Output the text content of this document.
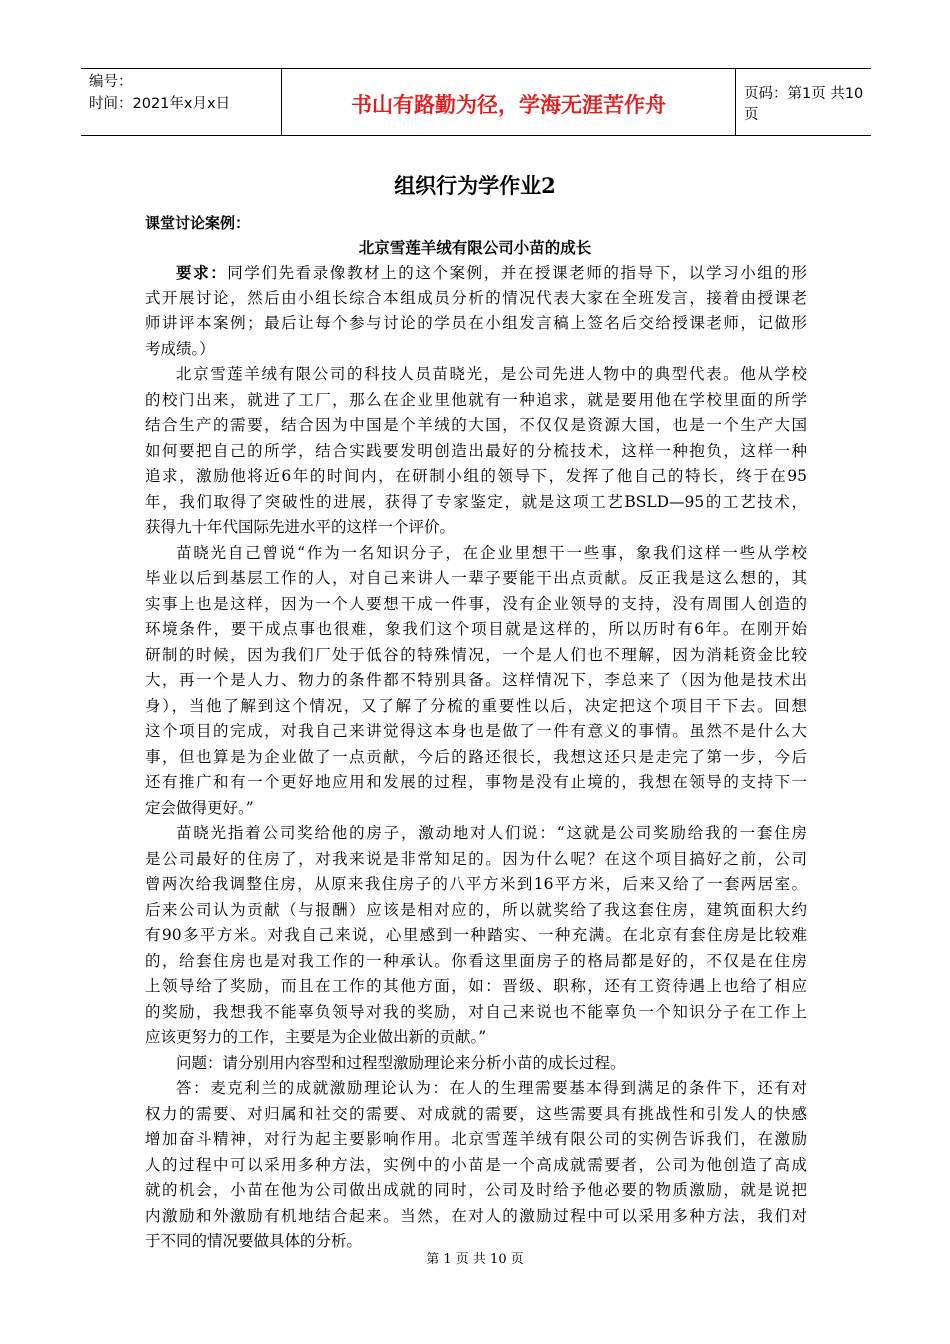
编号：
时间：2021年x月x日	书山有路勤为径，学海无涯苦作舟	页码：第1页 共10页
组织行为学作业2
课堂讨论案例：
北京雪莲羊绒有限公司小苗的成长
要求：同学们先看录像教材上的这个案例，并在授课老师的指导下，以学习小组的形
式开展讨论，然后由小组长综合本组成员分析的情况代表大家在全班发言，接着由授课老
师讲评本案例；最后让每个参与讨论的学员在小组发言稿上签名后交给授课老师，记做形
考成绩。）
北京雪莲羊绒有限公司的科技人员苗晓光，是公司先进人物中的典型代表。他从学校
的校门出来，就进了工厂，那么在企业里他就有一种追求，就是要用他在学校里面的所学
结合生产的需要，结合因为中国是个羊绒的大国，不仅仅是资源大国，也是一个生产大国
如何要把自己的所学，结合实践要发明创造出最好的分梳技术，这样一种抱负，这样一种
追求，激励他将近6年的时间内，在研制小组的领导下，发挥了他自己的特长，终于在95
年，我们取得了突破性的进展，获得了专家鉴定，就是这项工艺BSLD—95的工艺技术，
获得九十年代国际先进水平的这样一个评价。
苗晓光自己曾说“作为一名知识分子，在企业里想干一些事，象我们这样一些从学校
毕业以后到基层工作的人，对自己来讲人一辈子要能干出点贡献。反正我是这么想的，其
实事上也是这样，因为一个人要想干成一件事，没有企业领导的支持，没有周围人创造的
环境条件，要干成点事也很难，象我们这个项目就是这样的，所以历时有6年。在刚开始
研制的时候，因为我们厂处于低谷的特殊情况，一个是人们也不理解，因为消耗资金比较
大，再一个是人力、物力的条件都不特别具备。这样情况下，李总来了（因为他是技术出
身），当他了解到这个情况，又了解了分梳的重要性以后，决定把这个项目干下去。回想
这个项目的完成，对我自己来讲觉得这本身也是做了一件有意义的事情。虽然不是什么大
事，但也算是为企业做了一点贡献，今后的路还很长，我想这还只是走完了第一步，今后
还有推广和有一个更好地应用和发展的过程，事物是没有止境的，我想在领导的支持下一
定会做得更好。”
苗晓光指着公司奖给他的房子，激动地对人们说：“这就是公司奖励给我的一套住房
是公司最好的住房了，对我来说是非常知足的。因为什么呢？在这个项目搞好之前，公司
曾两次给我调整住房，从原来我住房子的八平方米到16平方米，后来又给了一套两居室。
后来公司认为贡献（与报酬）应该是相对应的，所以就奖给了我这套住房，建筑面积大约
有90多平方米。对我自己来说，心里感到一种踏实、一种充满。在北京有套住房是比较难
的，给套住房也是对我工作的一种承认。你看这里面房子的格局都是好的，不仅是在住房
上领导给了奖励，而且在工作的其他方面，如：晋级、职称，还有工资待遇上也给了相应
的奖励，我想我不能辜负领导对我的奖励，对自己来说也不能辜负一个知识分子在工作上
应该更努力的工作，主要是为企业做出新的贡献。”
问题：请分别用内容型和过程型激励理论来分析小苗的成长过程。
答：麦克利兰的成就激励理论认为：在人的生理需要基本得到满足的条件下，还有对
权力的需要、对归属和社交的需要、对成就的需要，这些需要具有挑战性和引发人的快感
增加奋斗精神，对行为起主要影响作用。北京雪莲羊绒有限公司的实例告诉我们，在激励
人的过程中可以采用多种方法，实例中的小苗是一个高成就需要者，公司为他创造了高成
就的机会，小苗在他为公司做出成就的同时，公司及时给予他必要的物质激励，就是说把
内激励和外激励有机地结合起来。当然，在对人的激励过程中可以采用多种方法，我们对
于不同的情况要做具体的分析。
第 1 页 共 10 页
